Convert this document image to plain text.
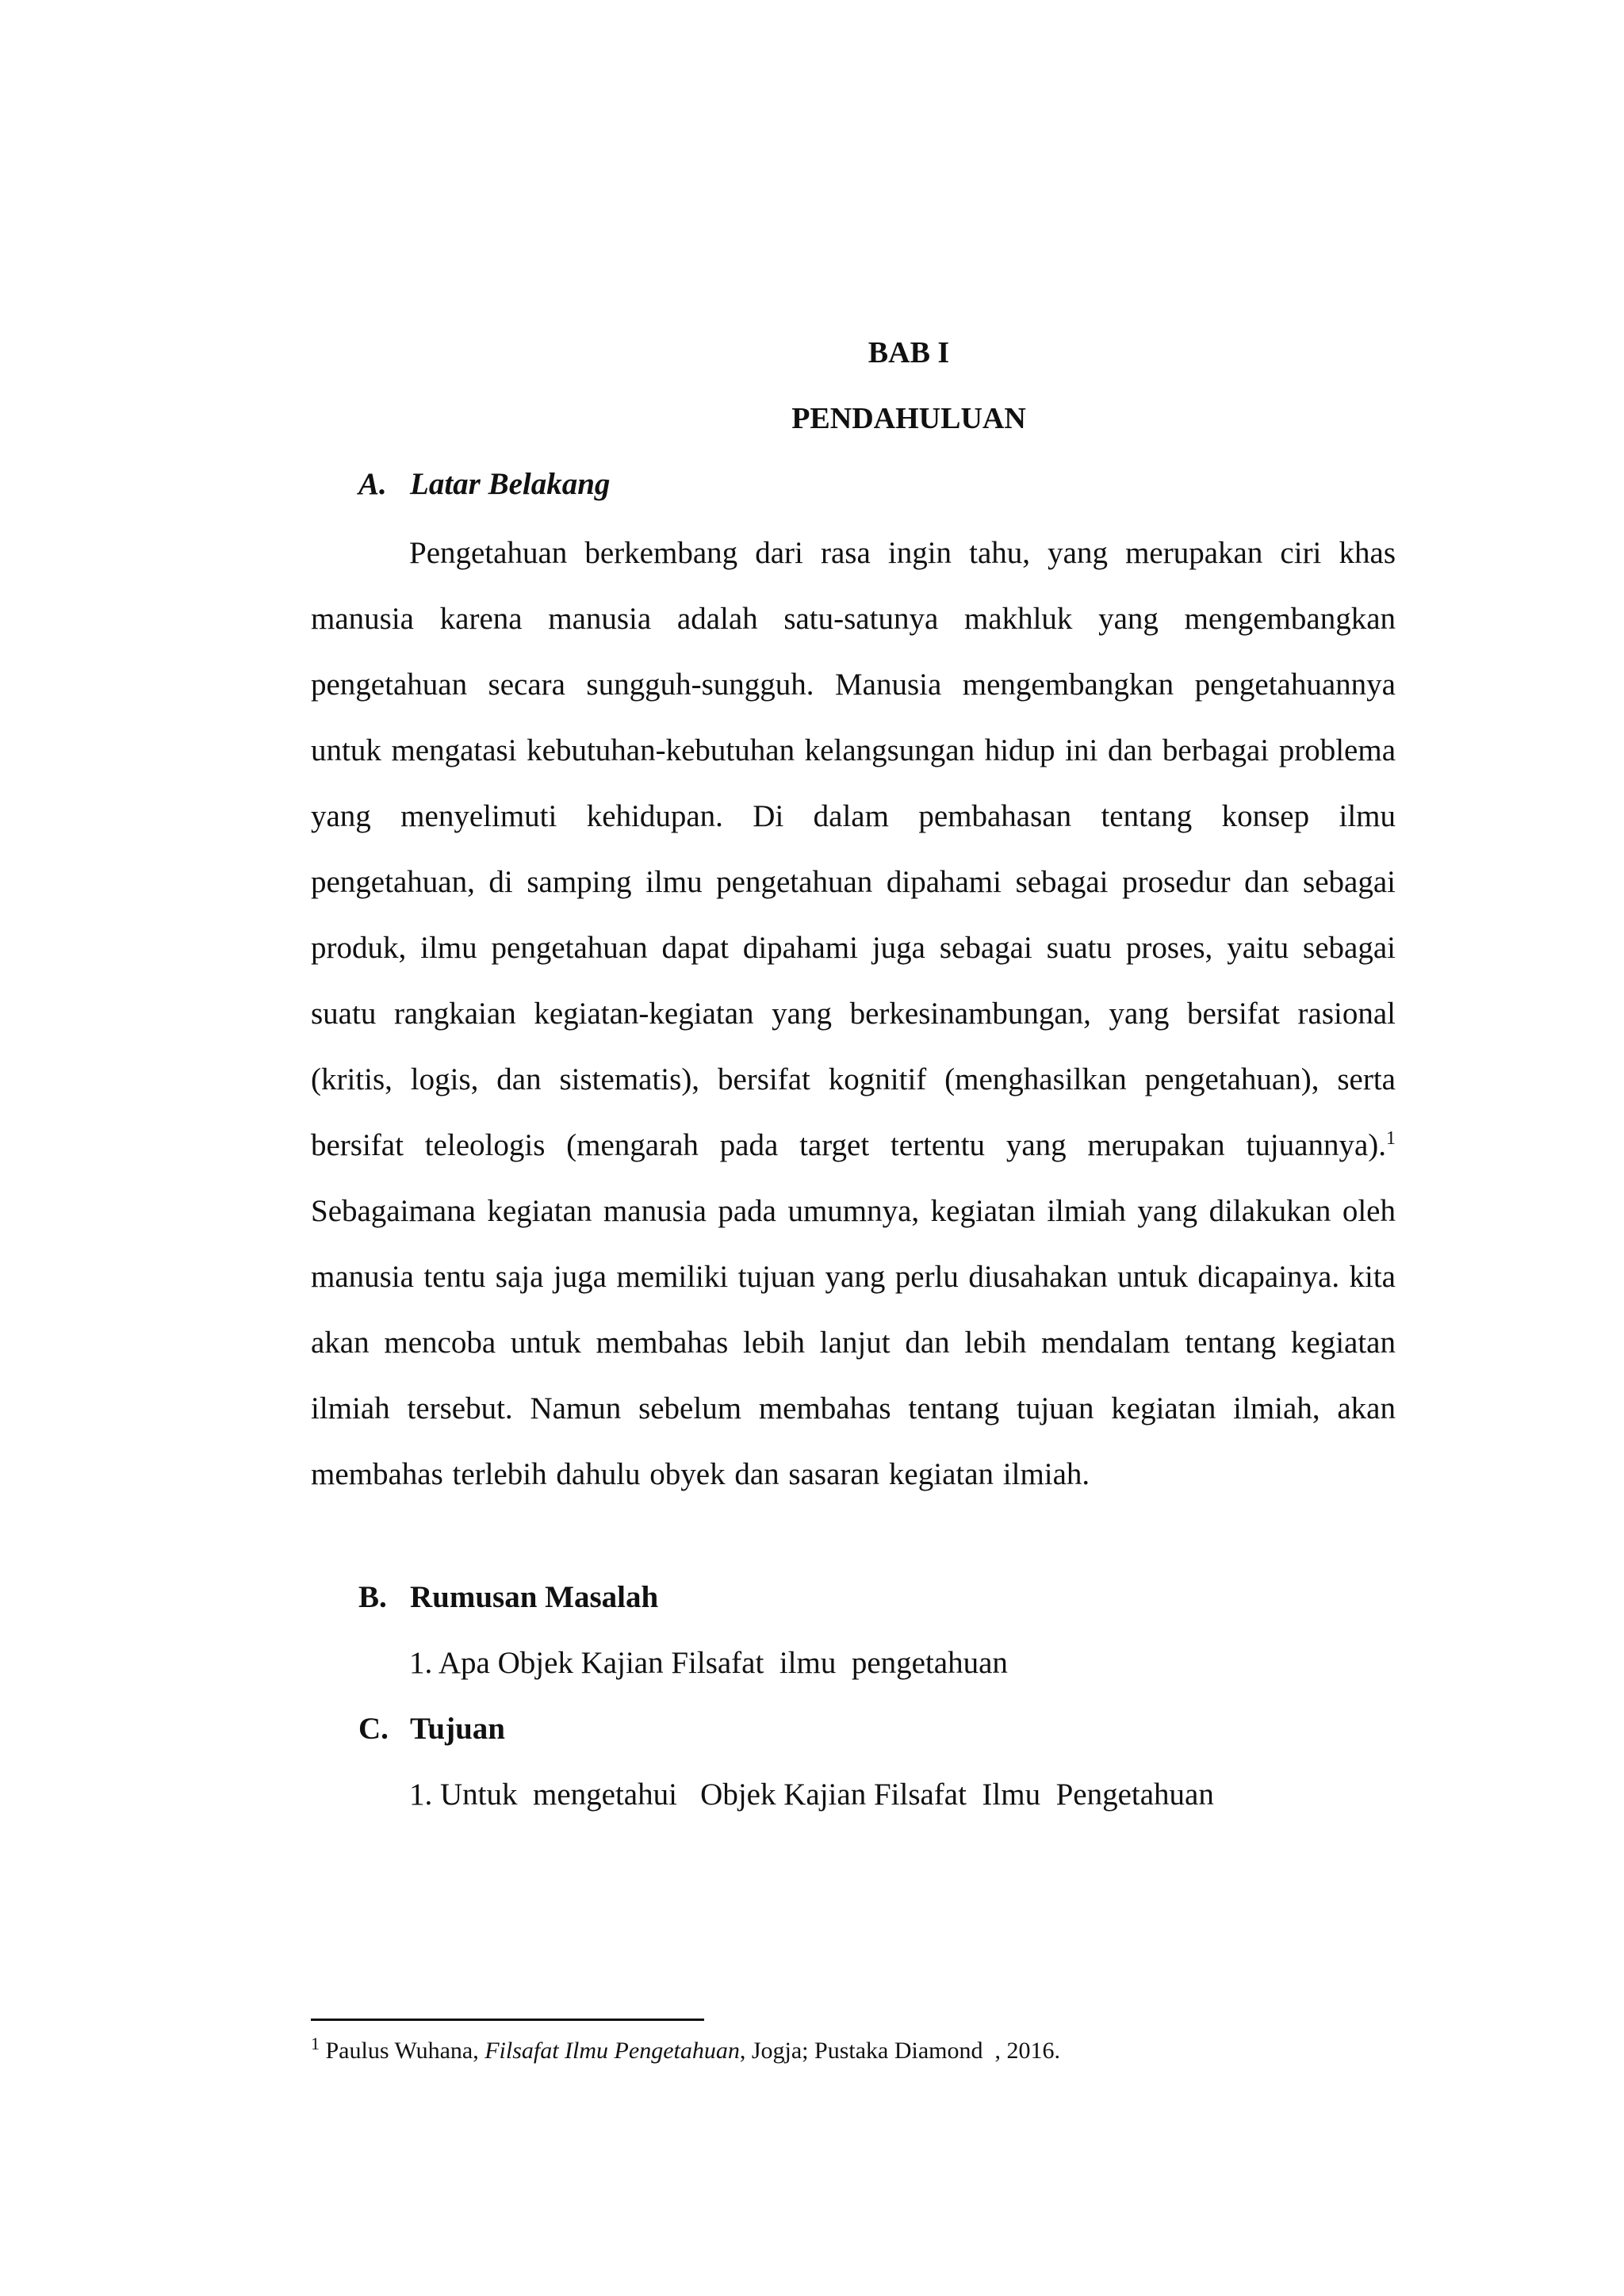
BAB I
PENDAHULUAN
A. Latar Belakang

Pengetahuan berkembang dari rasa ingin tahu, yang merupakan ciri khas manusia karena manusia adalah satu-satunya makhluk yang mengembangkan pengetahuan secara sungguh-sungguh. Manusia mengembangkan pengetahuannya untuk mengatasi kebutuhan-kebutuhan kelangsungan hidup ini dan berbagai problema yang menyelimuti kehidupan. Di dalam pembahasan tentang konsep ilmu pengetahuan, di samping ilmu pengetahuan dipahami sebagai prosedur dan sebagai produk, ilmu pengetahuan dapat dipahami juga sebagai suatu proses, yaitu sebagai suatu rangkaian kegiatan-kegiatan yang berkesinambungan, yang bersifat rasional (kritis, logis, dan sistematis), bersifat kognitif (menghasilkan pengetahuan), serta bersifat teleologis (mengarah pada target tertentu yang merupakan tujuannya).$^1$ Sebagaimana kegiatan manusia pada umumnya, kegiatan ilmiah yang dilakukan oleh manusia tentu saja juga memiliki tujuan yang perlu diusahakan untuk dicapainya. kita akan mencoba untuk membahas lebih lanjut dan lebih mendalam tentang kegiatan ilmiah tersebut. Namun sebelum membahas tentang tujuan kegiatan ilmiah, akan membahas terlebih dahulu obyek dan sasaran kegiatan ilmiah.

B. Rumusan Masalah

1. Apa Objek Kajian Filsafat  ilmu  pengetahuan

C. Tujuan

1. Untuk  mengetahui   Objek Kajian Filsafat  Ilmu  Pengetahuan

$^1$ Paulus Wuhana, Filsafat Ilmu Pengetahuan, Jogja; Pustaka Diamond  , 2016.
